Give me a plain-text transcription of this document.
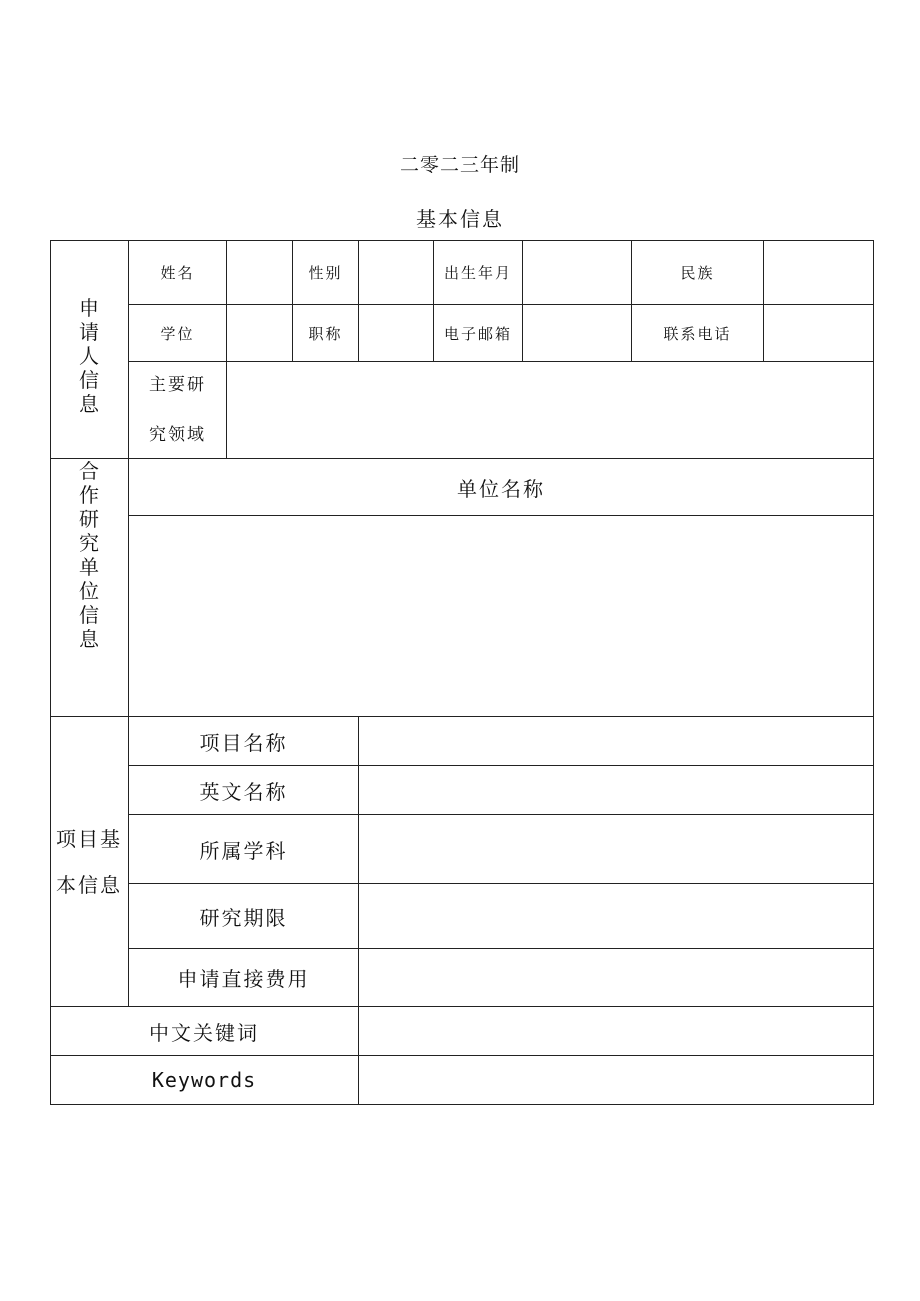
二零二三年制
基本信息
申
请
人
信
息
姓名	性别	出生年月	民族
学位	职称	电子邮箱	联系电话
主要研
究领域
合
作
研
究
单
位
信
息
单位名称
项目基
本信息
项目名称
英文名称
所属学科
研究期限
申请直接费用
中文关键词
Keywords
